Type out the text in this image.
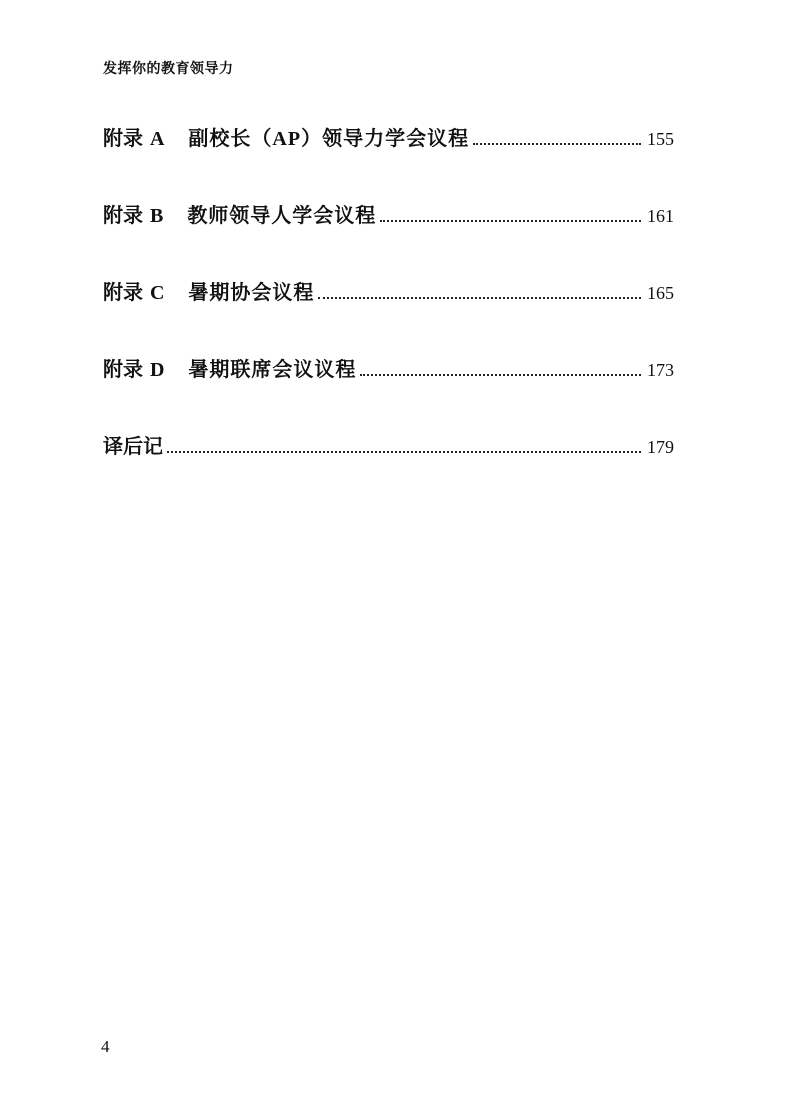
发挥你的教育领导力
附录 A 副校长（AP）领导力学会议程	155
附录 B 教师领导人学会议程	161
附录 C 暑期协会议程	165
附录 D 暑期联席会议议程	173
译后记	179
4
